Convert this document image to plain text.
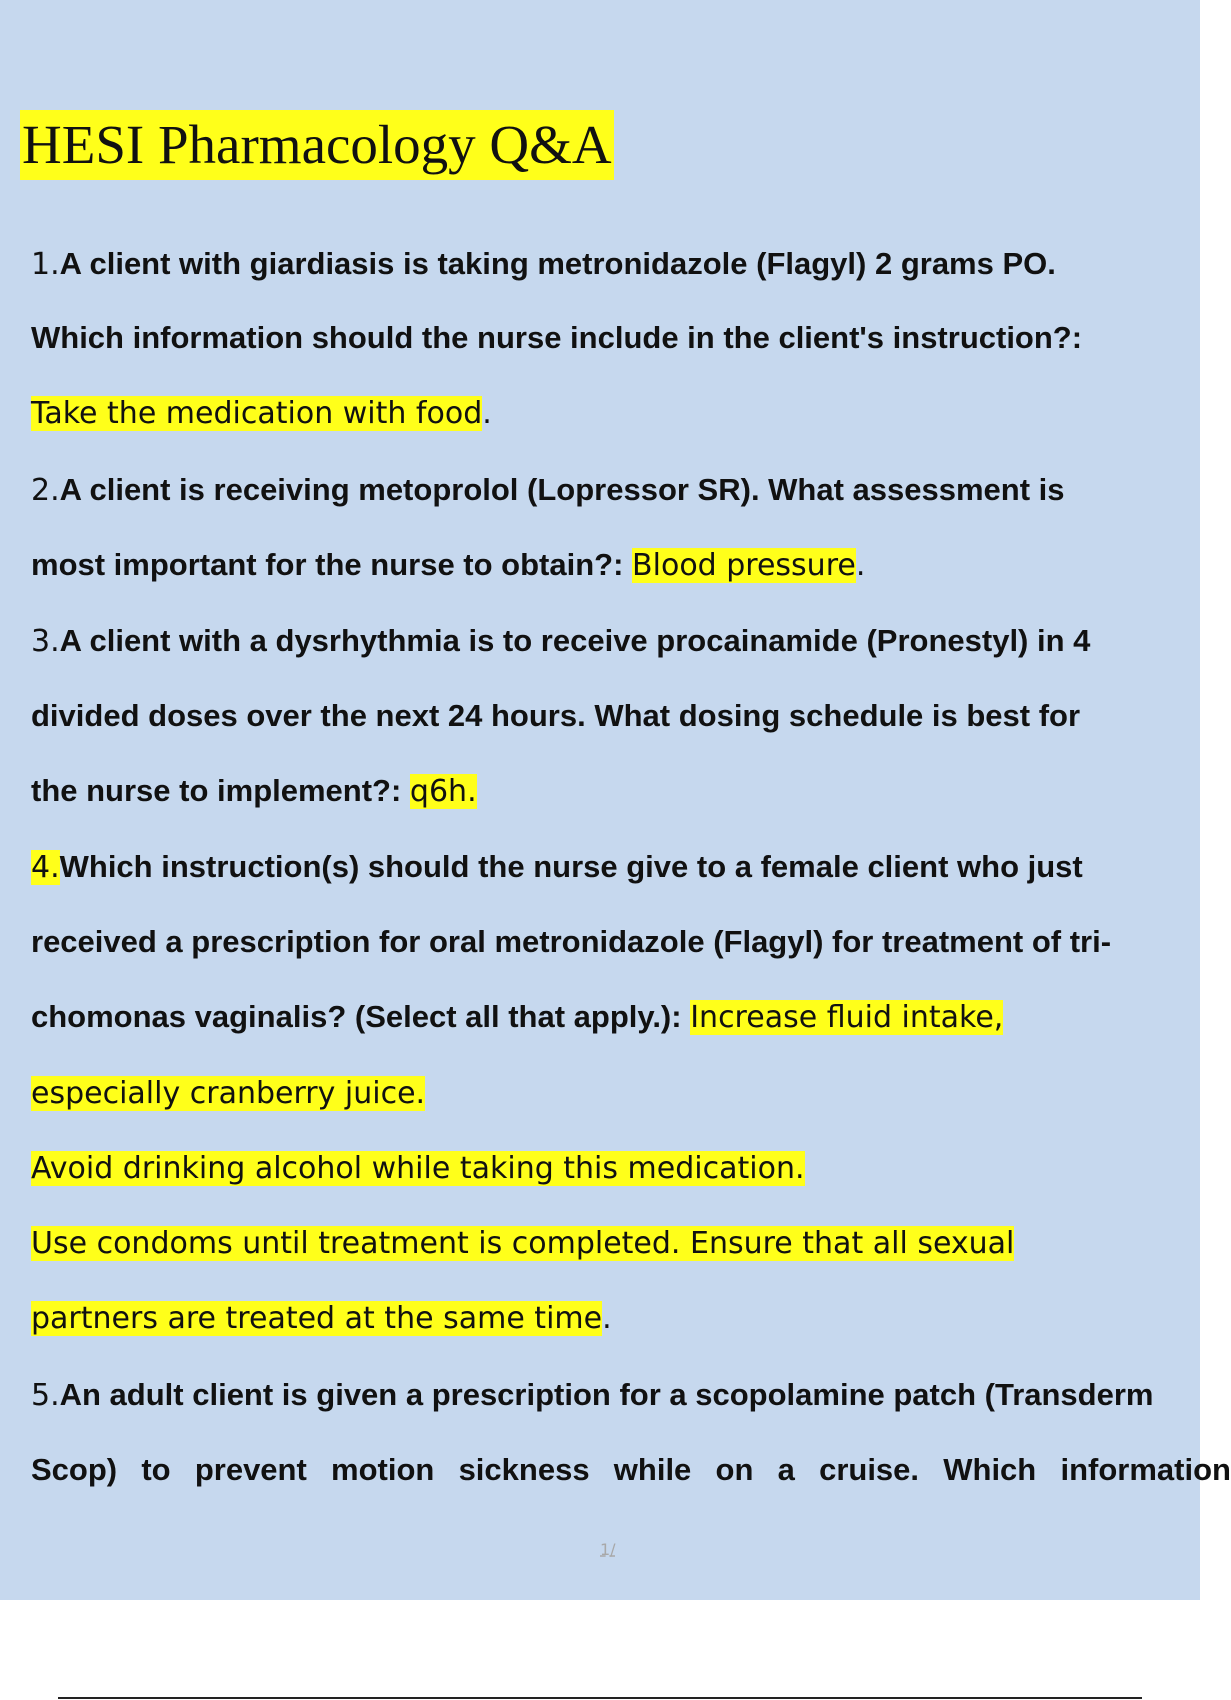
HESI Pharmacology Q&A
1.A client with giardiasis is taking metronidazole (Flagyl) 2 grams PO.
Which information should the nurse include in the client's instruction?:
Take the medication with food.
2.A client is receiving metoprolol (Lopressor SR). What assessment is
most important for the nurse to obtain?: Blood pressure.
3.A client with a dysrhythmia is to receive procainamide (Pronestyl) in 4
divided doses over the next 24 hours. What dosing schedule is best for
the nurse to implement?: q6h.
4.Which instruction(s) should the nurse give to a female client who just
received a prescription for oral metronidazole (Flagyl) for treatment of tri-
chomonas vaginalis? (Select all that apply.): Increase fluid intake,
especially cranberry juice.
Avoid drinking alcohol while taking this medication.
Use condoms until treatment is completed. Ensure that all sexual
partners are treated at the same time.
5.An adult client is given a prescription for a scopolamine patch (Transderm
Scop) to prevent motion sickness while on a cruise. Which information
1/
